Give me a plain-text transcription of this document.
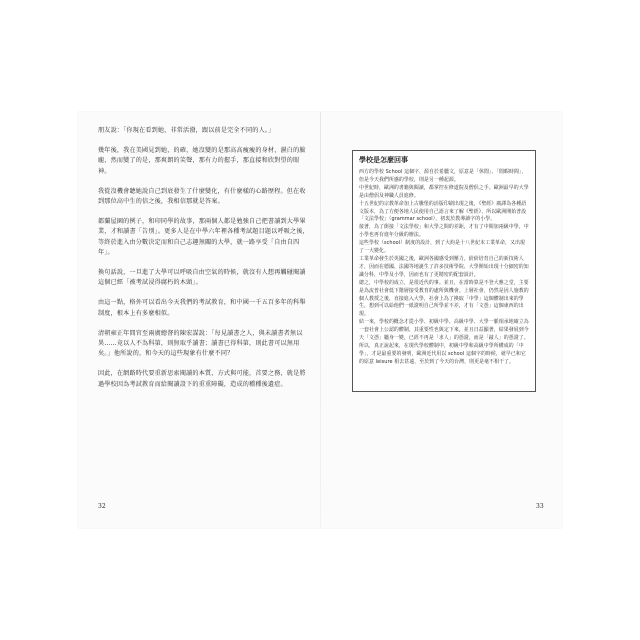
朋友說：「你現在看到她，非常活潑，跟以前是完全不同的人。」

幾年後，我在美國見到她，的確，她沒變的是那高高瘦瘦的身材，濕白的臉龐，然而變了的是，那爽朗的笑聲，那有力的握手，那直接和欣對望的眼神。

我從沒機會聽她說自己到底發生了什麼變化，有什麼樣的心路歷程。但在收到那位高中生的信之後，我相信那就是答案。

都蘭屋園的例子，和印同學的故事，那兩個人都是勉強自己把書讀到大學畢業，才和讀書「告別」。更多人是在中學六年裡各種考試題目題以呼吸之後，等終於進入由分數決定而和自己志趣無關的大學，就一路享受「自由自四年」。

換句話說，一旦進了大學可以呼吸自由空氣的時候，就沒有人想再觸碰閱讀這個已經「被考試浸得腐朽的木頭」。

由這一點，格外可以看出今天我們的考試教育，和中國一千五百多年的科舉制度，根本上有多麼相似。

清朝雍正年間官至兩廣總督的陳宏謀說：「每見讀書之人，與未讀書者無以異……竟以人不為科第，則無取乎讀書；讀書已得科第，則此書可以無用矣。」他所說的，和今天的這些現象有什麼不同？

因此，在網路時代要重新思索閱讀的本質、方式與可能，首要之務，就是將過學校因為考試教育而給閱讀設下的重重障礙，造成的種種後遺症。

32
學校是怎麼回事

西方的學校 School 這個字，源自於希臘文，原意是「休閒」、「閒暇時間」，但是今天我們所感的學校，則是另一種起源。

中世紀時，歐洲的書籍與閱讀，都掌控在修道院及僧侶之手。歐洲最早的大學是由僧侶及神職人員進修。

十五世紀的宗教革命加上古騰堡的活版印刷出現之後，《聖經》廣譯為各種語文版本，為了方便各地人民使用自己語言來了解《聖經》，所以歐洲開始普設「文法學校」（grammar school），初衷於教導讀字的小學。

接著，為了銜接「文法學校」和大學之間的差距，才有了中間加兩級中學，中小學也再有進年分級的辦法。

這些學校（school）制度的設計，到了大約是十八世紀末工業革命，又出現了一大變化。

工業革命發生於英國之後，歐洲各國感受到壓力，紛紛培育自己的新技術人才，因而在德國、法國等地誕生了許多技術學院、大學開始出現十分細密的知識分科，中學及小學，因而也有了更精密的配套設計。

總之，中學校的成立，是很近代的事。並且，在當時算是不登大雅之堂，主要是為流普社會低下階層接受教育的處所與機會。上層社會，仍然是因人施教的個人教授之後，直接進入大學，社會上為了換取「中學」這個體制出來的學生，想到可以給他們一紙證明自己所學並不差，才有「文憑」這個東西的出現。

結一來，學校的概念才從小學、初級中學、高級中學、大學一脈相承地確立為一套社會上公認的體制，其重要性也與定下來，並且日益顯著，結果發展到今天「文憑」屬身一變，已經不再是「求人」的憑證，而是「敲人」的憑證了。

所以，真正說起來，在現代學校體制中，初級中學和高級中學所構成的「中學」，才是最重要的發明，歐洲近代用以 school 這個字的時候，就早已和它的原意 leisure 相去甚遠，至於到了今天的台灣，則更是毫不相干了。

33
